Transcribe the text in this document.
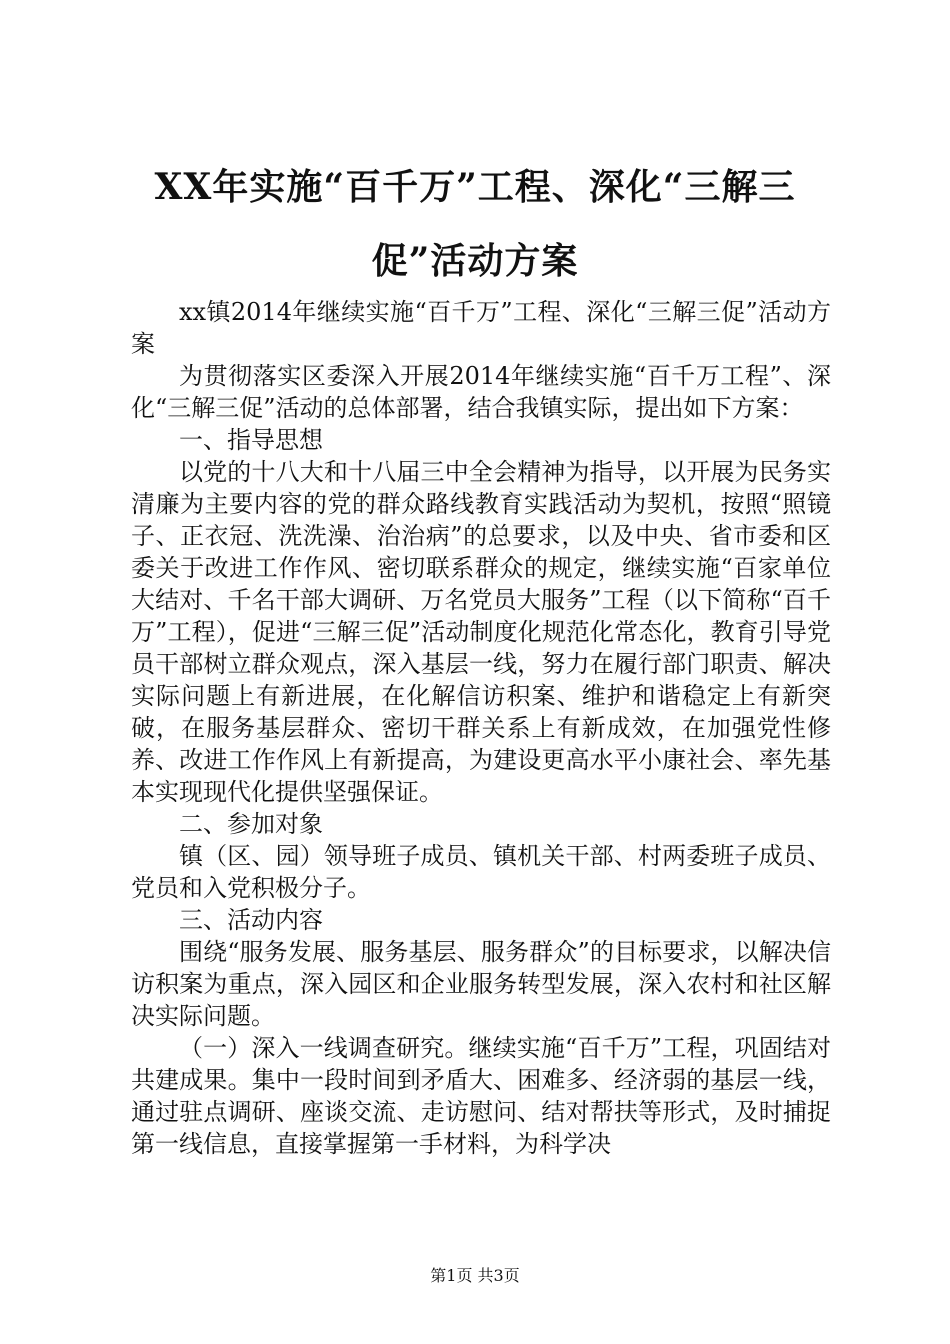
XX年实施“百千万”工程、深化“三解三
促”活动方案

xx镇2014年继续实施“百千万”工程、深化“三解三促”活动方案

为贯彻落实区委深入开展2014年继续实施“百千万工程”、深化“三解三促”活动的总体部署，结合我镇实际，提出如下方案：

一、指导思想

以党的十八大和十八届三中全会精神为指导，以开展为民务实清廉为主要内容的党的群众路线教育实践活动为契机，按照“照镜子、正衣冠、洗洗澡、治治病”的总要求，以及中央、省市委和区委关于改进工作作风、密切联系群众的规定，继续实施“百家单位大结对、千名干部大调研、万名党员大服务”工程（以下简称“百千万”工程），促进“三解三促”活动制度化规范化常态化，教育引导党员干部树立群众观点，深入基层一线，努力在履行部门职责、解决实际问题上有新进展，在化解信访积案、维护和谐稳定上有新突破，在服务基层群众、密切干群关系上有新成效，在加强党性修养、改进工作作风上有新提高，为建设更高水平小康社会、率先基本实现现代化提供坚强保证。

二、参加对象

镇（区、园）领导班子成员、镇机关干部、村两委班子成员、党员和入党积极分子。

三、活动内容

围绕“服务发展、服务基层、服务群众”的目标要求，以解决信访积案为重点，深入园区和企业服务转型发展，深入农村和社区解决实际问题。

（一）深入一线调查研究。继续实施“百千万”工程，巩固结对共建成果。集中一段时间到矛盾大、困难多、经济弱的基层一线，通过驻点调研、座谈交流、走访慰问、结对帮扶等形式，及时捕捉第一线信息，直接掌握第一手材料，为科学决

第1页 共3页
